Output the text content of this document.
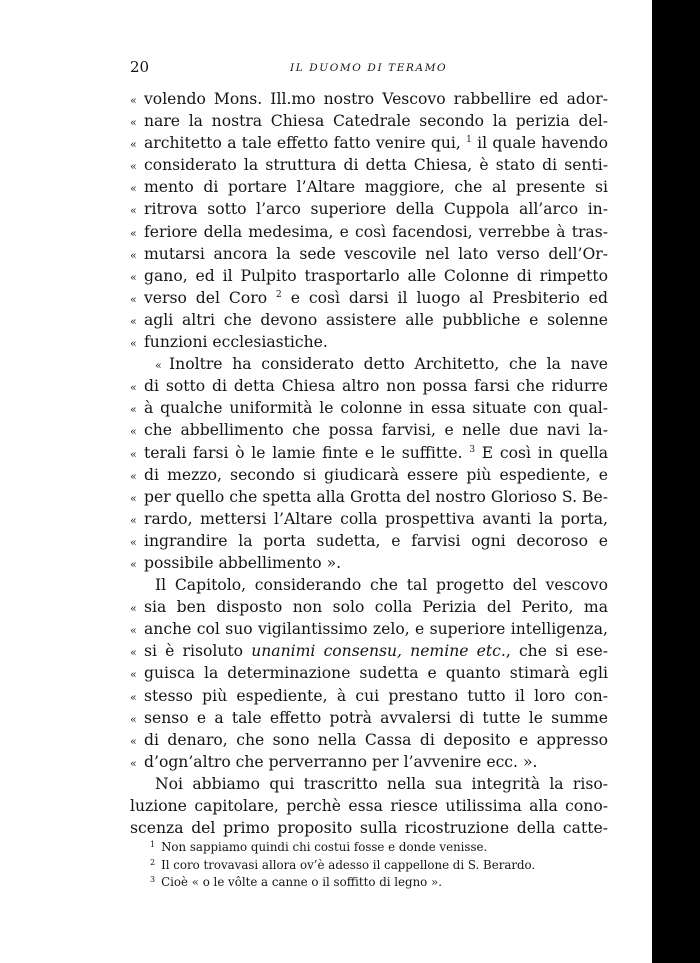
20	IL DUOMO DI TERAMO
« volendo Mons. Ill.mo nostro Vescovo rabbellire ed ador-
« nare la nostra Chiesa Catedrale secondo la perizia del-
« architetto a tale effetto fatto venire qui, $^1$ il quale havendo
« considerato la struttura di detta Chiesa, è stato di senti-
« mento di portare l’Altare maggiore, che al presente si
« ritrova sotto l’arco superiore della Cuppola all’arco in-
« feriore della medesima, e così facendosi, verrebbe à tras-
« mutarsi ancora la sede vescovile nel lato verso dell’Or-
« gano, ed il Pulpito trasportarlo alle Colonne di rimpetto
« verso del Coro $^2$ e così darsi il luogo al Presbiterio ed
« agli altri che devono assistere alle pubbliche e solenne
« funzioni ecclesiastiche.
« Inoltre ha considerato detto Architetto, che la nave
« di sotto di detta Chiesa altro non possa farsi che ridurre
« à qualche uniformità le colonne in essa situate con qual-
« che abbellimento che possa farvisi, e nelle due navi la-
« terali farsi ò le lamie finte e le suffitte. $^3$ E così in quella
« di mezzo, secondo si giudicarà essere più espediente, e
« per quello che spetta alla Grotta del nostro Glorioso S. Be-
« rardo, mettersi l’Altare colla prospettiva avanti la porta,
« ingrandire la porta sudetta, e farvisi ogni decoroso e
« possibile abbellimento ».
Il Capitolo, considerando che tal progetto del vescovo
« sia ben disposto non solo colla Perizia del Perito, ma
« anche col suo vigilantissimo zelo, e superiore intelligenza,
« si è risoluto unanimi consensu, nemine etc., che si ese-
« guisca la determinazione sudetta e quanto stimarà egli
« stesso più espediente, à cui prestano tutto il loro con-
« senso e a tale effetto potrà avvalersi di tutte le summe
« di denaro, che sono nella Cassa di deposito e appresso
« d’ogn’altro che perverranno per l’avvenire ecc. ».
Noi abbiamo qui trascritto nella sua integrità la riso-
luzione capitolare, perchè essa riesce utilissima alla cono-
scenza del primo proposito sulla ricostruzione della catte-
$^1$ Non sappiamo quindi chi costui fosse e donde venisse.
$^2$ Il coro trovavasi allora ov’è adesso il cappellone di S. Berardo.
$^3$ Cioè « o le vôlte a canne o il soffitto di legno ».
